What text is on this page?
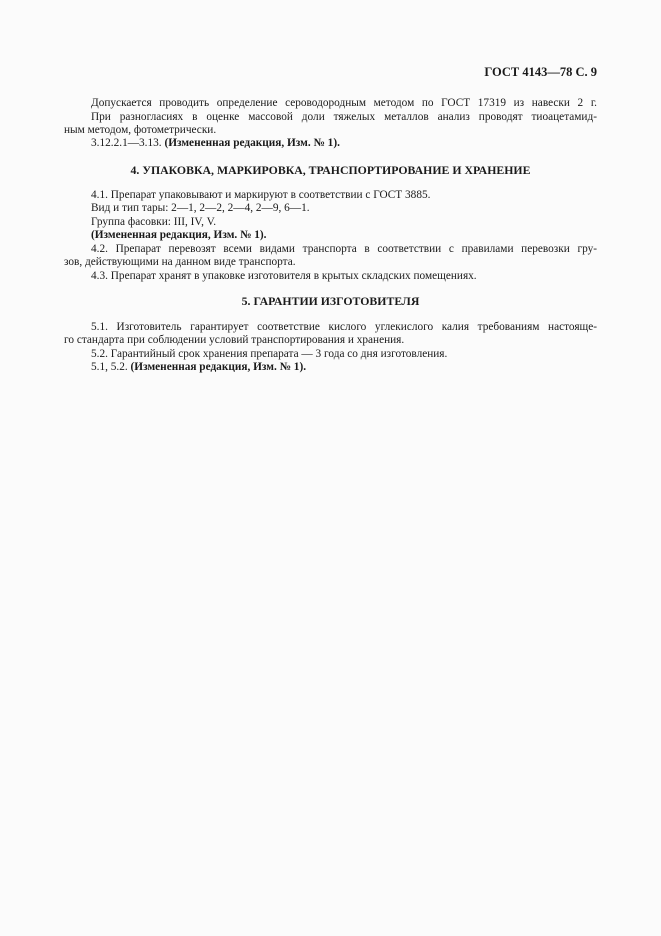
ГОСТ 4143—78 С. 9
Допускается проводить определение сероводородным методом по ГОСТ 17319 из навески 2 г.
При разногласиях в оценке массовой доли тяжелых металлов анализ проводят тиоацетамид-
ным методом, фотометрически.
3.12.2.1—3.13. (Измененная редакция, Изм. № 1).
4. УПАКОВКА, МАРКИРОВКА, ТРАНСПОРТИРОВАНИЕ И ХРАНЕНИЕ
4.1. Препарат упаковывают и маркируют в соответствии с ГОСТ 3885.
Вид и тип тары: 2—1, 2—2, 2—4, 2—9, 6—1.
Группа фасовки: III, IV, V.
(Измененная редакция, Изм. № 1).
4.2. Препарат перевозят всеми видами транспорта в соответствии с правилами перевозки гру-
зов, действующими на данном виде транспорта.
4.3. Препарат хранят в упаковке изготовителя в крытых складских помещениях.
5. ГАРАНТИИ ИЗГОТОВИТЕЛЯ
5.1. Изготовитель гарантирует соответствие кислого углекислого калия требованиям настояще-
го стандарта при соблюдении условий транспортирования и хранения.
5.2. Гарантийный срок хранения препарата — 3 года со дня изготовления.
5.1, 5.2. (Измененная редакция, Изм. № 1).
